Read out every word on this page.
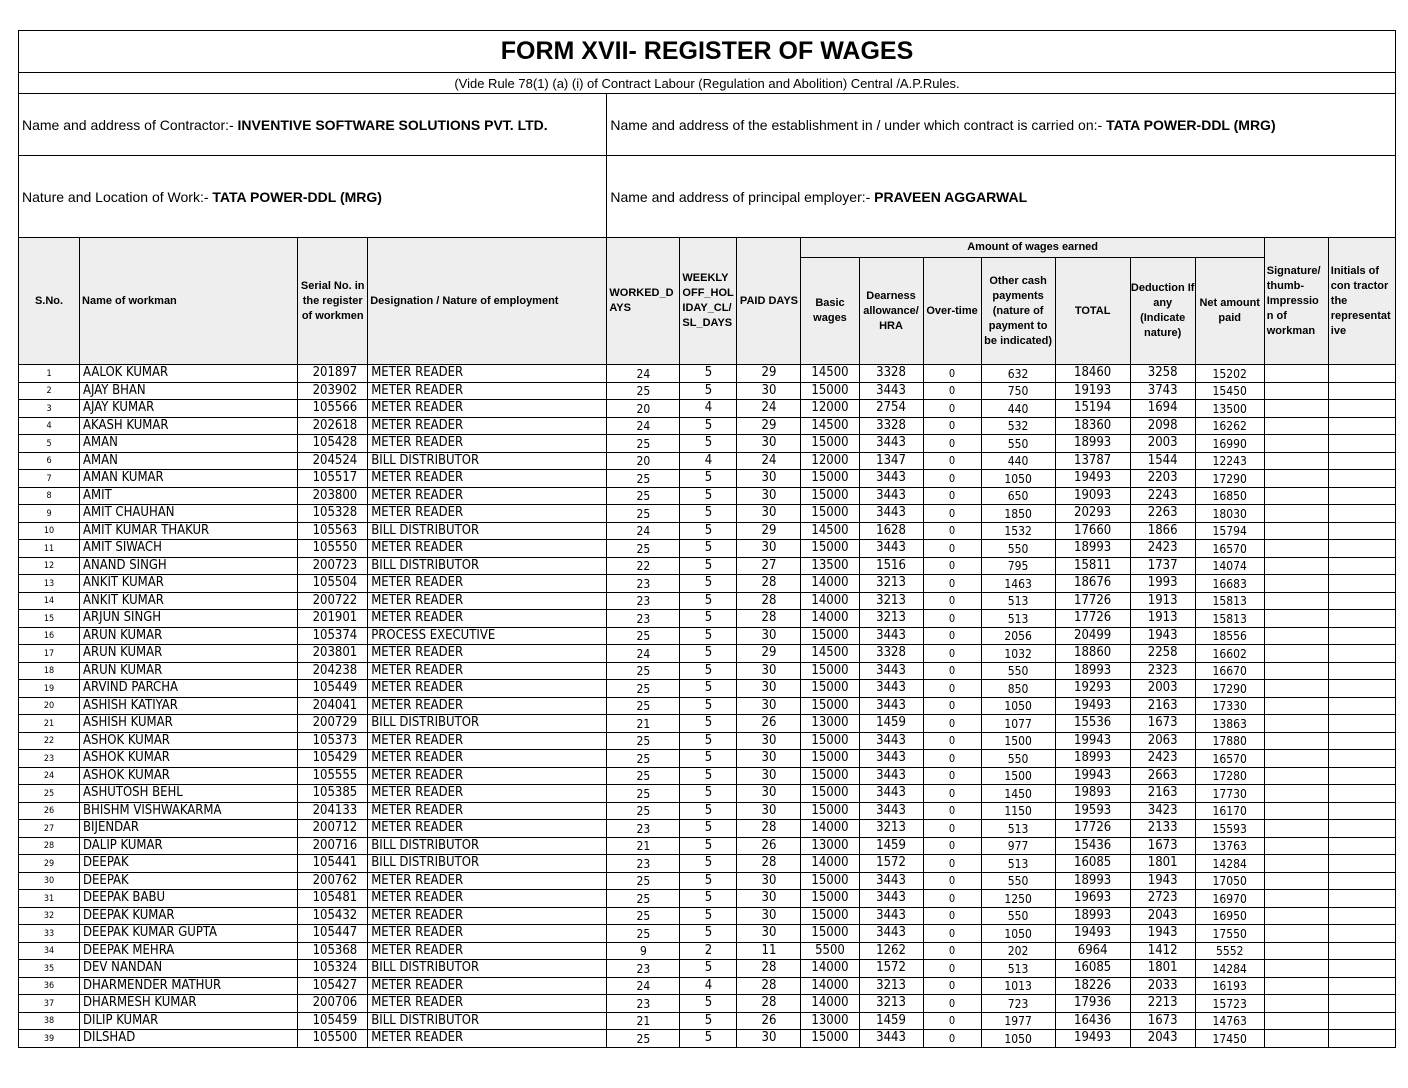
FORM XVII- REGISTER OF WAGES															
(Vide Rule 78(1) (a) (i) of Contract Labour (Regulation and Abolition) Central /A.P.Rules.															
Name and address of Contractor:- INVENTIVE SOFTWARE SOLUTIONS PVT. LTD.				Name and address of the establishment in / under which contract is carried on:- TATA POWER-DDL (MRG)											
Nature and Location of Work:- TATA POWER-DDL (MRG)				Name and address of principal employer:- PRAVEEN AGGARWAL											
S.No.	Name of workman	Serial No. in the register of workmen	Designation / Nature of employment	WORKED_D AYS	WEEKLY OFF_HOL IDAY_CL/ SL_DAYS	PAID DAYS	Amount of wages earned							Signature/ thumb-Impressio n of workman	Initials of con tractor the representat ive
							Basic wages	Dearness allowance/ HRA	Over-time	Other cash payments (nature of payment to be indicated)	TOTAL	Deduction If any (Indicate nature)	Net amount paid		
1	AALOK KUMAR	201897	METER READER	24	5	29	14500	3328	0	632	18460	3258	15202		
2	AJAY BHAN	203902	METER READER	25	5	30	15000	3443	0	750	19193	3743	15450		
3	AJAY KUMAR	105566	METER READER	20	4	24	12000	2754	0	440	15194	1694	13500		
4	AKASH KUMAR	202618	METER READER	24	5	29	14500	3328	0	532	18360	2098	16262		
5	AMAN	105428	METER READER	25	5	30	15000	3443	0	550	18993	2003	16990		
6	AMAN	204524	BILL DISTRIBUTOR	20	4	24	12000	1347	0	440	13787	1544	12243		
7	AMAN KUMAR	105517	METER READER	25	5	30	15000	3443	0	1050	19493	2203	17290		
8	AMIT	203800	METER READER	25	5	30	15000	3443	0	650	19093	2243	16850		
9	AMIT CHAUHAN	105328	METER READER	25	5	30	15000	3443	0	1850	20293	2263	18030		
10	AMIT KUMAR THAKUR	105563	BILL DISTRIBUTOR	24	5	29	14500	1628	0	1532	17660	1866	15794		
11	AMIT SIWACH	105550	METER READER	25	5	30	15000	3443	0	550	18993	2423	16570		
12	ANAND SINGH	200723	BILL DISTRIBUTOR	22	5	27	13500	1516	0	795	15811	1737	14074		
13	ANKIT KUMAR	105504	METER READER	23	5	28	14000	3213	0	1463	18676	1993	16683		
14	ANKIT KUMAR	200722	METER READER	23	5	28	14000	3213	0	513	17726	1913	15813		
15	ARJUN SINGH	201901	METER READER	23	5	28	14000	3213	0	513	17726	1913	15813		
16	ARUN KUMAR	105374	PROCESS EXECUTIVE	25	5	30	15000	3443	0	2056	20499	1943	18556		
17	ARUN KUMAR	203801	METER READER	24	5	29	14500	3328	0	1032	18860	2258	16602		
18	ARUN KUMAR	204238	METER READER	25	5	30	15000	3443	0	550	18993	2323	16670		
19	ARVIND PARCHA	105449	METER READER	25	5	30	15000	3443	0	850	19293	2003	17290		
20	ASHISH KATIYAR	204041	METER READER	25	5	30	15000	3443	0	1050	19493	2163	17330		
21	ASHISH KUMAR	200729	BILL DISTRIBUTOR	21	5	26	13000	1459	0	1077	15536	1673	13863		
22	ASHOK KUMAR	105373	METER READER	25	5	30	15000	3443	0	1500	19943	2063	17880		
23	ASHOK KUMAR	105429	METER READER	25	5	30	15000	3443	0	550	18993	2423	16570		
24	ASHOK KUMAR	105555	METER READER	25	5	30	15000	3443	0	1500	19943	2663	17280		
25	ASHUTOSH BEHL	105385	METER READER	25	5	30	15000	3443	0	1450	19893	2163	17730		
26	BHISHM VISHWAKARMA	204133	METER READER	25	5	30	15000	3443	0	1150	19593	3423	16170		
27	BIJENDAR	200712	METER READER	23	5	28	14000	3213	0	513	17726	2133	15593		
28	DALIP KUMAR	200716	BILL DISTRIBUTOR	21	5	26	13000	1459	0	977	15436	1673	13763		
29	DEEPAK	105441	BILL DISTRIBUTOR	23	5	28	14000	1572	0	513	16085	1801	14284		
30	DEEPAK	200762	METER READER	25	5	30	15000	3443	0	550	18993	1943	17050		
31	DEEPAK BABU	105481	METER READER	25	5	30	15000	3443	0	1250	19693	2723	16970		
32	DEEPAK KUMAR	105432	METER READER	25	5	30	15000	3443	0	550	18993	2043	16950		
33	DEEPAK KUMAR GUPTA	105447	METER READER	25	5	30	15000	3443	0	1050	19493	1943	17550		
34	DEEPAK MEHRA	105368	METER READER	9	2	11	5500	1262	0	202	6964	1412	5552		
35	DEV NANDAN	105324	BILL DISTRIBUTOR	23	5	28	14000	1572	0	513	16085	1801	14284		
36	DHARMENDER MATHUR	105427	METER READER	24	4	28	14000	3213	0	1013	18226	2033	16193		
37	DHARMESH KUMAR	200706	METER READER	23	5	28	14000	3213	0	723	17936	2213	15723		
38	DILIP KUMAR	105459	BILL DISTRIBUTOR	21	5	26	13000	1459	0	1977	16436	1673	14763		
39	DILSHAD	105500	METER READER	25	5	30	15000	3443	0	1050	19493	2043	17450		
